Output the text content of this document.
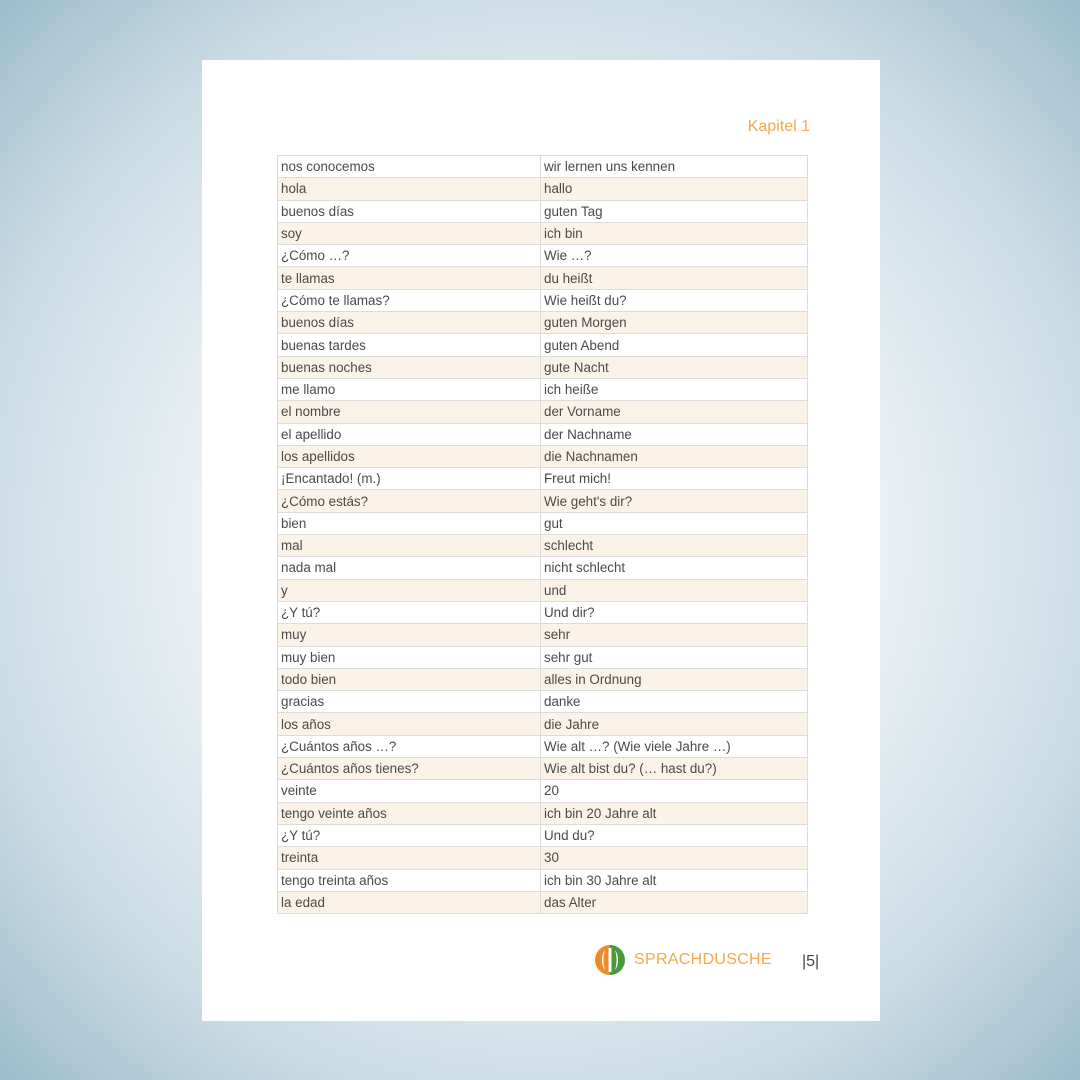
Kapitel 1
nos conocemos	wir lernen uns kennen
hola	hallo
buenos días	guten Tag
soy	ich bin
¿Cómo …?	Wie …?
te llamas	du heißt
¿Cómo te llamas?	Wie heißt du?
buenos días	guten Morgen
buenas tardes	guten Abend
buenas noches	gute Nacht
me llamo	ich heiße
el nombre	der Vorname
el apellido	der Nachname
los apellidos	die Nachnamen
¡Encantado! (m.)	Freut mich!
¿Cómo estás?	Wie geht's dir?
bien	gut
mal	schlecht
nada mal	nicht schlecht
y	und
¿Y tú?	Und dir?
muy	sehr
muy bien	sehr gut
todo bien	alles in Ordnung
gracias	danke
los años	die Jahre
¿Cuántos años …?	Wie alt …? (Wie viele Jahre …)
¿Cuántos años tienes?	Wie alt bist du? (… hast du?)
veinte	20
tengo veinte años	ich bin 20 Jahre alt
¿Y tú?	Und du?
treinta	30
tengo treinta años	ich bin 30 Jahre alt
la edad	das Alter
SPRACHDUSCHE |5|
